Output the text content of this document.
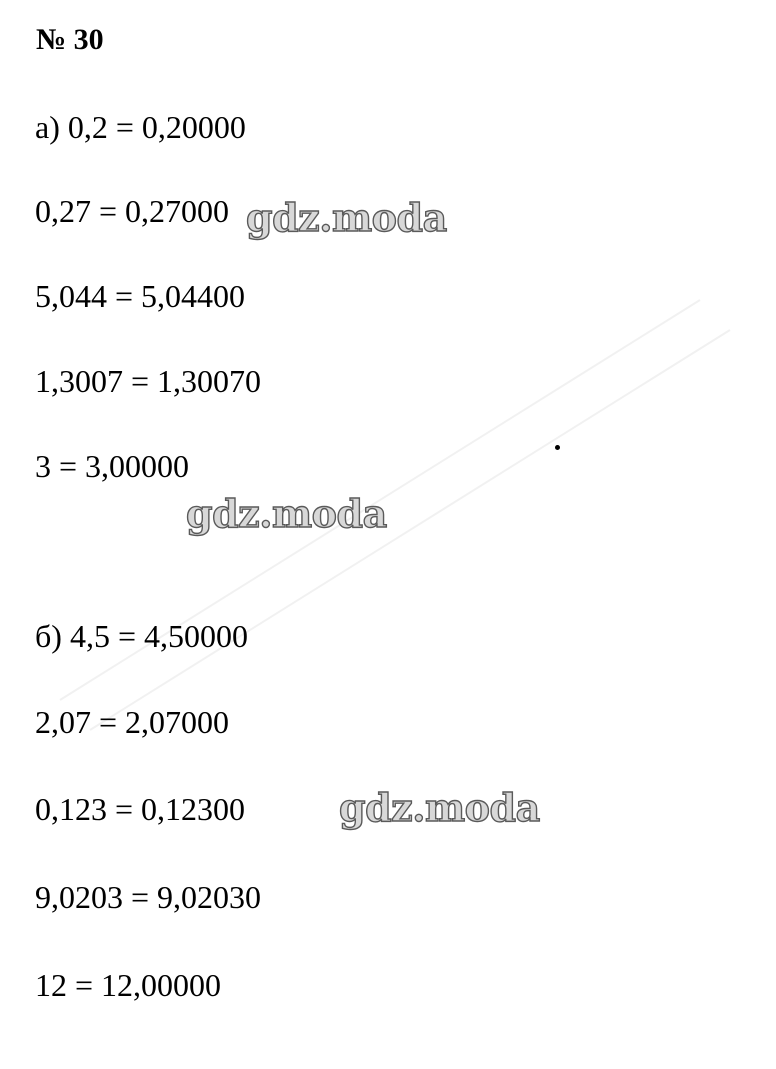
№ 30
а) 0,2 = 0,20000
0,27 = 0,27000
5,044 = 5,04400
1,3007 = 1,30070
3 = 3,00000
б) 4,5 = 4,50000
2,07 = 2,07000
0,123 = 0,12300
9,0203 = 9,02030
12 = 12,00000
gdz.moda
gdz.moda
gdz.moda
